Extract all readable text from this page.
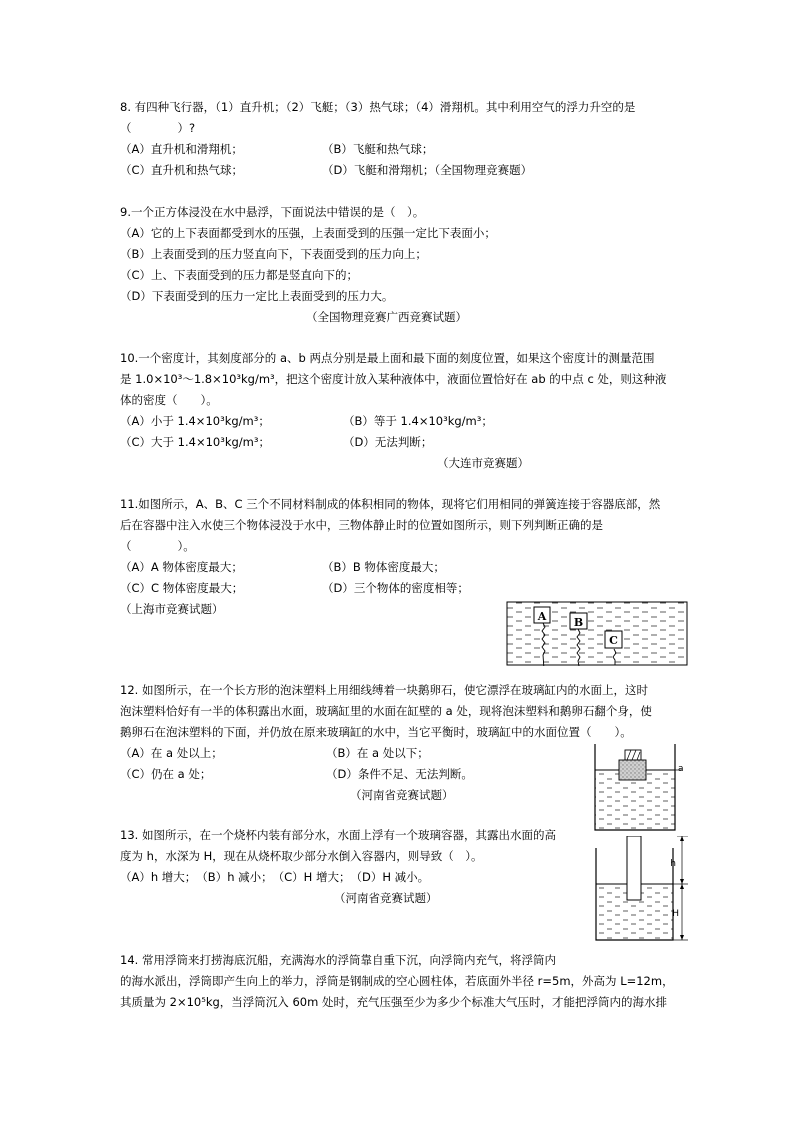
8. 有四种飞行器，（1）直升机；（2）飞艇；（3）热气球；（4）滑翔机。其中利用空气的浮力升空的是
（　　　　）?
（A）直升机和滑翔机；	（B）飞艇和热气球；
（C）直升机和热气球；	（D）飞艇和滑翔机；（全国物理竞赛题）
9.一个正方体浸没在水中悬浮，下面说法中错误的是（　）。
（A）它的上下表面都受到水的压强，上表面受到的压强一定比下表面小；
（B）上表面受到的压力竖直向下，下表面受到的压力向上；
（C）上、下表面受到的压力都是竖直向下的；
（D）下表面受到的压力一定比上表面受到的压力大。
（全国物理竞赛广西竞赛试题）
10.一个密度计，其刻度部分的 a、b 两点分别是最上面和最下面的刻度位置，如果这个密度计的测量范围
是 1.0×10³～1.8×10³kg/m³，把这个密度计放入某种液体中，液面位置恰好在 ab 的中点 c 处，则这种液
体的密度（　　）。
（A）小于 1.4×10³kg/m³；	（B）等于 1.4×10³kg/m³；
（C）大于 1.4×10³kg/m³；	（D）无法判断；
（大连市竞赛题）
11.如图所示，A、B、C 三个不同材料制成的体积相同的物体，现将它们用相同的弹簧连接于容器底部，然
后在容器中注入水使三个物体浸没于水中，三物体静止时的位置如图所示，则下列判断正确的是
（　　　　）。
（A）A 物体密度最大；	（B）B 物体密度最大；
（C）C 物体密度最大；	（D）三个物体的密度相等；
（上海市竞赛试题）
A	B
C
12. 如图所示，在一个长方形的泡沫塑料上用细线缚着一块鹅卵石，使它漂浮在玻璃缸内的水面上，这时
泡沫塑料恰好有一半的体积露出水面，玻璃缸里的水面在缸壁的 a 处，现将泡沫塑料和鹅卵石翻个身，使
鹅卵石在泡沫塑料的下面，并仍放在原来玻璃缸的水中，当它平衡时，玻璃缸中的水面位置（　　）。
（A）在 a 处以上；	（B）在 a 处以下；
（C）仍在 a 处；	（D）条件不足、无法判断。
（河南省竞赛试题）
a
13. 如图所示，在一个烧杯内装有部分水，水面上浮有一个玻璃容器，其露出水面的高
度为 h，水深为 H，现在从烧杯取少部分水倒入容器内，则导致（　）。
（A）h 增大；　（B）h 减小；　（C）H 增大；　（D）H 减小。
（河南省竞赛试题）
h
H
14. 常用浮筒来打捞海底沉船，充满海水的浮筒靠自重下沉，向浮筒内充气，将浮筒内
的海水派出，浮筒即产生向上的举力，浮筒是钢制成的空心圆柱体，若底面外半径 r=5m，外高为 L=12m，
其质量为 2×10⁵kg，当浮筒沉入 60m 处时，充气压强至少为多少个标准大气压时，才能把浮筒内的海水排
